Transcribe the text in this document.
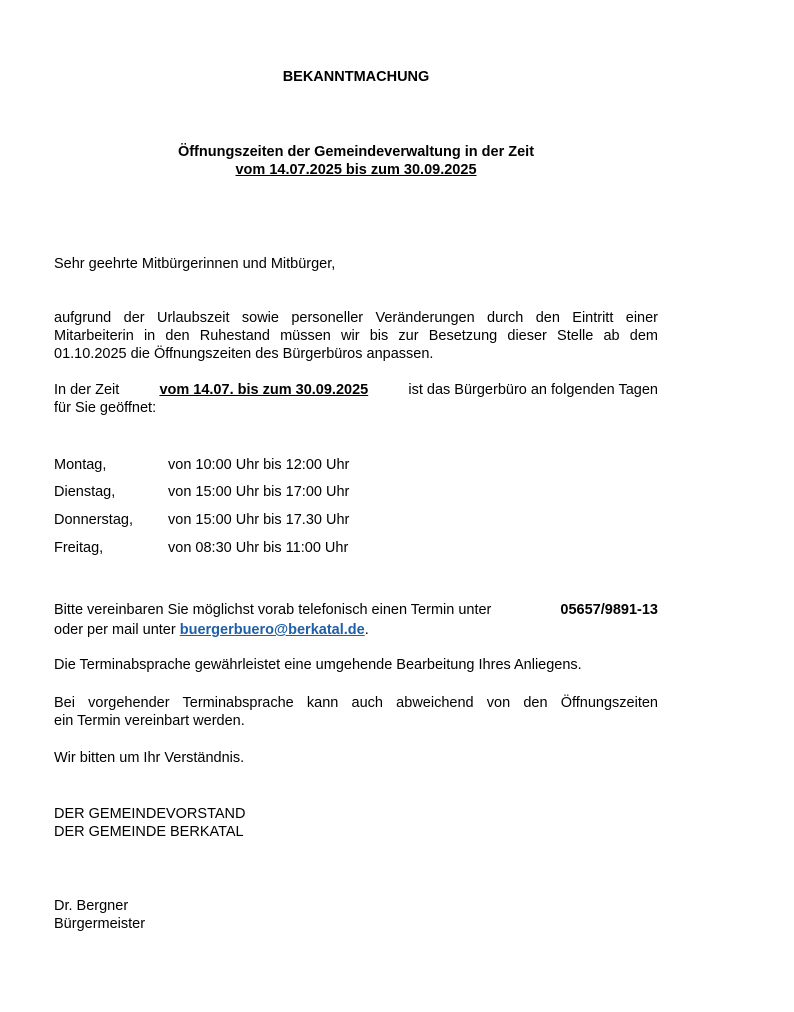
BEKANNTMACHUNG
Öffnungszeiten der Gemeindeverwaltung in der Zeit
vom 14.07.2025 bis zum 30.09.2025
Sehr geehrte Mitbürgerinnen und Mitbürger,
aufgrund der Urlaubszeit sowie personeller Veränderungen durch den Eintritt einer
Mitarbeiterin in den Ruhestand müssen wir bis zur Besetzung dieser Stelle ab dem
01.10.2025 die Öffnungszeiten des Bürgerbüros anpassen.
In der Zeit	vom 14.07. bis zum 30.09.2025	ist das Bürgerbüro an folgenden Tagen
für Sie geöffnet:
Montag,	von 10:00 Uhr bis 12:00 Uhr
Dienstag,	von 15:00 Uhr bis 17:00 Uhr
Donnerstag, von 15:00 Uhr bis 17.30 Uhr
Freitag,	von 08:30 Uhr bis 11:00 Uhr
Bitte vereinbaren Sie möglichst vorab telefonisch einen Termin unter	05657/9891-13
oder per mail unter buergerbuero@berkatal.de.
Die Terminabsprache gewährleistet eine umgehende Bearbeitung Ihres Anliegens.
Bei vorgehender Terminabsprache kann auch abweichend von den Öffnungszeiten
ein Termin vereinbart werden.
Wir bitten um Ihr Verständnis.
DER GEMEINDEVORSTAND
DER GEMEINDE BERKATAL
Dr. Bergner
Bürgermeister
